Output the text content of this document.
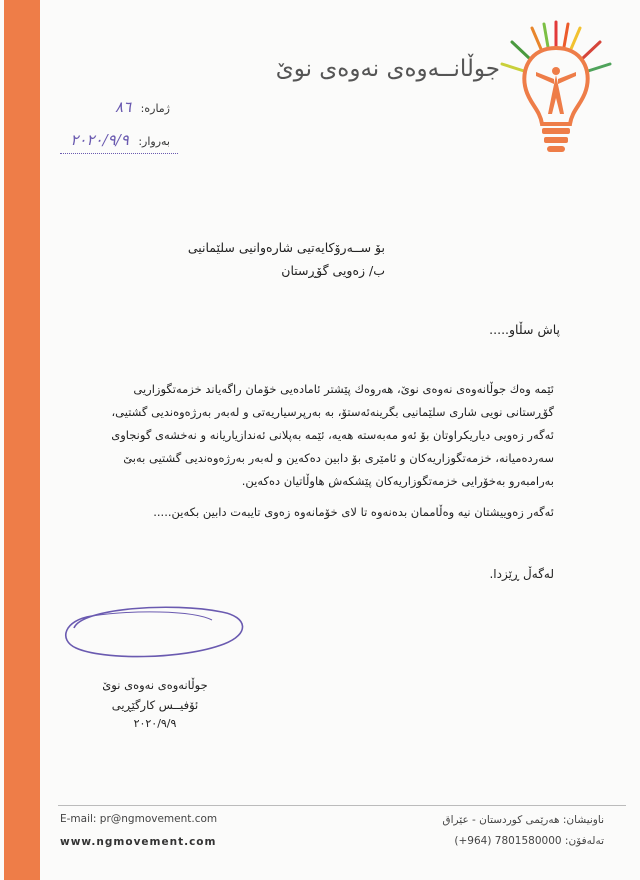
جوڵانــەوەی نەوەی نوێ
ژمارە: ٨٦
بەروار: ٢٠٢٠/٩/٩
بۆ ســەرۆکایەتیی شارەوانیی سلێمانیی
ب/ زەویی گۆڕستان
پاش سڵاو.....
ئێمە وەك جوڵانەوەی نەوەی نوێ، هەروەك پێشتر ئامادەیی خۆمان راگەیاند خزمەتگوزاریی گۆڕستانی نویی شاری سلێمانیی بگرینەئەستۆ، بە بەرپرسیاریەتی و لەبەر بەرژەوەندیی گشتیی، ئەگەر زەویی دیاریکراوتان بۆ ئەو مەبەستە هەیە، ئێمە بەپلانی ئەندازیاریانە و نەخشەی گونجاوی سەردەمیانە، خزمەتگوزاریەکان و ئامێری بۆ دابین دەکەین و لەبەر بەرژەوەندیی گشتیی بەبێ بەرامبەرو بەخۆرایی خزمەتگوزاریەکان پێشکەش هاوڵاتیان دەکەین.
ئەگەر زەوییشتان نیە وەڵاممان بدەنەوە تا لای خۆمانەوە زەوی تایبەت دابین بکەین.....
لەگەڵ ڕێزدا.
جوڵانەوەی نەوەی نوێ
ئۆفیــس کارگێڕیی
٢٠٢٠/٩/٩
E-mail: pr@ngmovement.com
www.ngmovement.com
ناونیشان: هەرێمی کوردستان - عێراق
تەلەفۆن: (+964) 7801580000
